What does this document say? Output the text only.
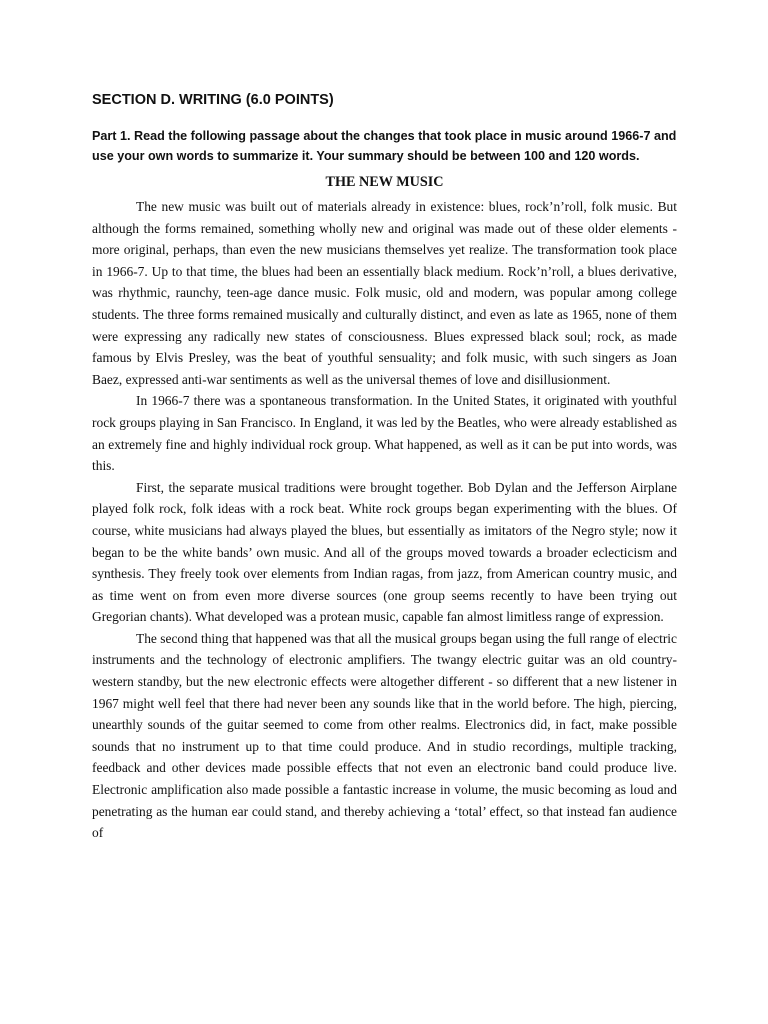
SECTION D. WRITING (6.0 POINTS)

Part 1. Read the following passage about the changes that took place in music around 1966-7 and use your own words to summarize it. Your summary should be between 100 and 120 words.

THE NEW MUSIC

The new music was built out of materials already in existence: blues, rock’n’roll, folk music. But although the forms remained, something wholly new and original was made out of these older elements - more original, perhaps, than even the new musicians themselves yet realize. The transformation took place in 1966-7. Up to that time, the blues had been an essentially black medium. Rock’n’roll, a blues derivative, was rhythmic, raunchy, teen-age dance music. Folk music, old and modern, was popular among college students. The three forms remained musically and culturally distinct, and even as late as 1965, none of them were expressing any radically new states of consciousness. Blues expressed black soul; rock, as made famous by Elvis Presley, was the beat of youthful sensuality; and folk music, with such singers as Joan Baez, expressed anti-war sentiments as well as the universal themes of love and disillusionment.

In 1966-7 there was a spontaneous transformation. In the United States, it originated with youthful rock groups playing in San Francisco. In England, it was led by the Beatles, who were already established as an extremely fine and highly individual rock group. What happened, as well as it can be put into words, was this.

First, the separate musical traditions were brought together. Bob Dylan and the Jefferson Airplane played folk rock, folk ideas with a rock beat. White rock groups began experimenting with the blues. Of course, white musicians had always played the blues, but essentially as imitators of the Negro style; now it began to be the white bands’ own music. And all of the groups moved towards a broader eclecticism and synthesis. They freely took over elements from Indian ragas, from jazz, from American country music, and as time went on from even more diverse sources (one group seems recently to have been trying out Gregorian chants). What developed was a protean music, capable fan almost limitless range of expression.

The second thing that happened was that all the musical groups began using the full range of electric instruments and the technology of electronic amplifiers. The twangy electric guitar was an old country-western standby, but the new electronic effects were altogether different - so different that a new listener in 1967 might well feel that there had never been any sounds like that in the world before. The high, piercing, unearthly sounds of the guitar seemed to come from other realms. Electronics did, in fact, make possible sounds that no instrument up to that time could produce. And in studio recordings, multiple tracking, feedback and other devices made possible effects that not even an electronic band could produce live. Electronic amplification also made possible a fantastic increase in volume, the music becoming as loud and penetrating as the human ear could stand, and thereby achieving a ‘total’ effect, so that instead fan audience of
